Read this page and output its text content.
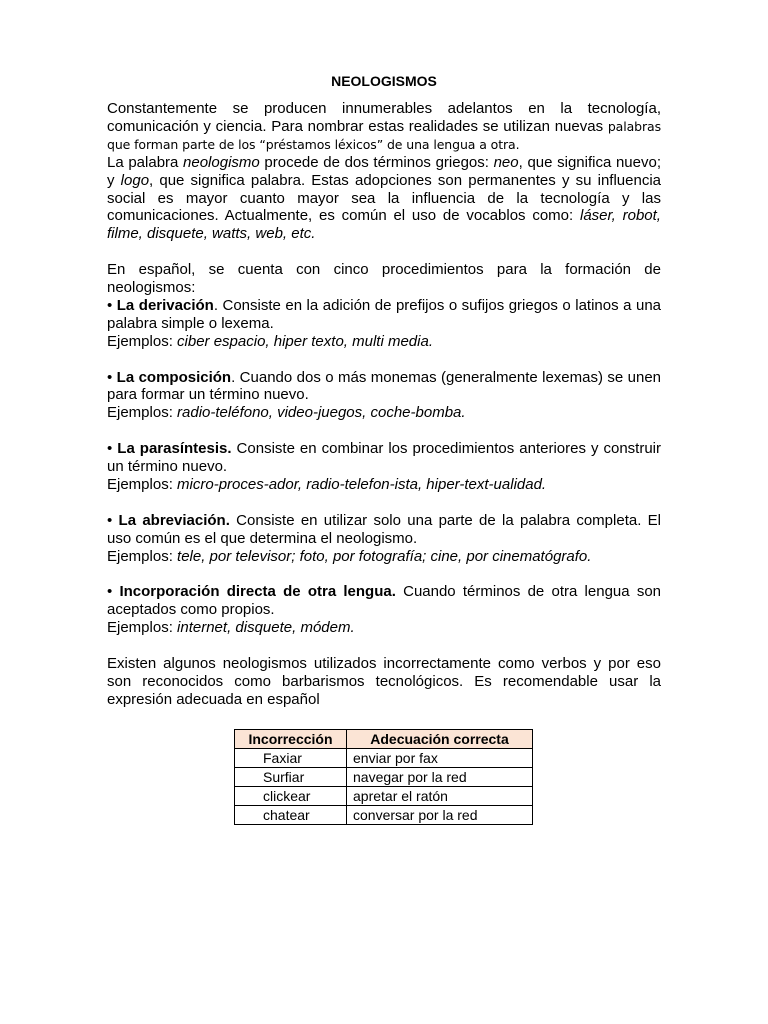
NEOLOGISMOS

Constantemente se producen innumerables adelantos en la tecnología, comunicación y ciencia. Para nombrar estas realidades se utilizan nuevas palabras que forman parte de los “préstamos léxicos” de una lengua a otra.

La palabra neologismo procede de dos términos griegos: neo, que significa nuevo; y logo, que significa palabra. Estas adopciones son permanentes y su influencia social es mayor cuanto mayor sea la influencia de la tecnología y las comunicaciones. Actualmente, es común el uso de vocablos como: láser, robot, filme, disquete, watts, web, etc.

En español, se cuenta con cinco procedimientos para la formación de neologismos:

• La derivación. Consiste en la adición de prefijos o sufijos griegos o latinos a una palabra simple o lexema.

Ejemplos: ciber espacio, hiper texto, multi media.

• La composición. Cuando dos o más monemas (generalmente lexemas) se unen para formar un término nuevo.

Ejemplos: radio-teléfono, video-juegos, coche-bomba.

• La parasíntesis. Consiste en combinar los procedimientos anteriores y construir un término nuevo.

Ejemplos: micro-proces-ador, radio-telefon-ista, hiper-text-ualidad.

• La abreviación. Consiste en utilizar solo una parte de la palabra completa. El uso común es el que determina el neologismo.

Ejemplos: tele, por televisor; foto, por fotografía; cine, por cinematógrafo.

• Incorporación directa de otra lengua. Cuando términos de otra lengua son aceptados como propios.

Ejemplos: internet, disquete, módem.

Existen algunos neologismos utilizados incorrectamente como verbos y por eso son reconocidos como barbarismos tecnológicos. Es recomendable usar la expresión adecuada en español

Incorrección	Adecuación correcta
Faxiar	enviar por fax
Surfiar	navegar por la red
clickear	apretar el ratón
chatear	conversar por la red
